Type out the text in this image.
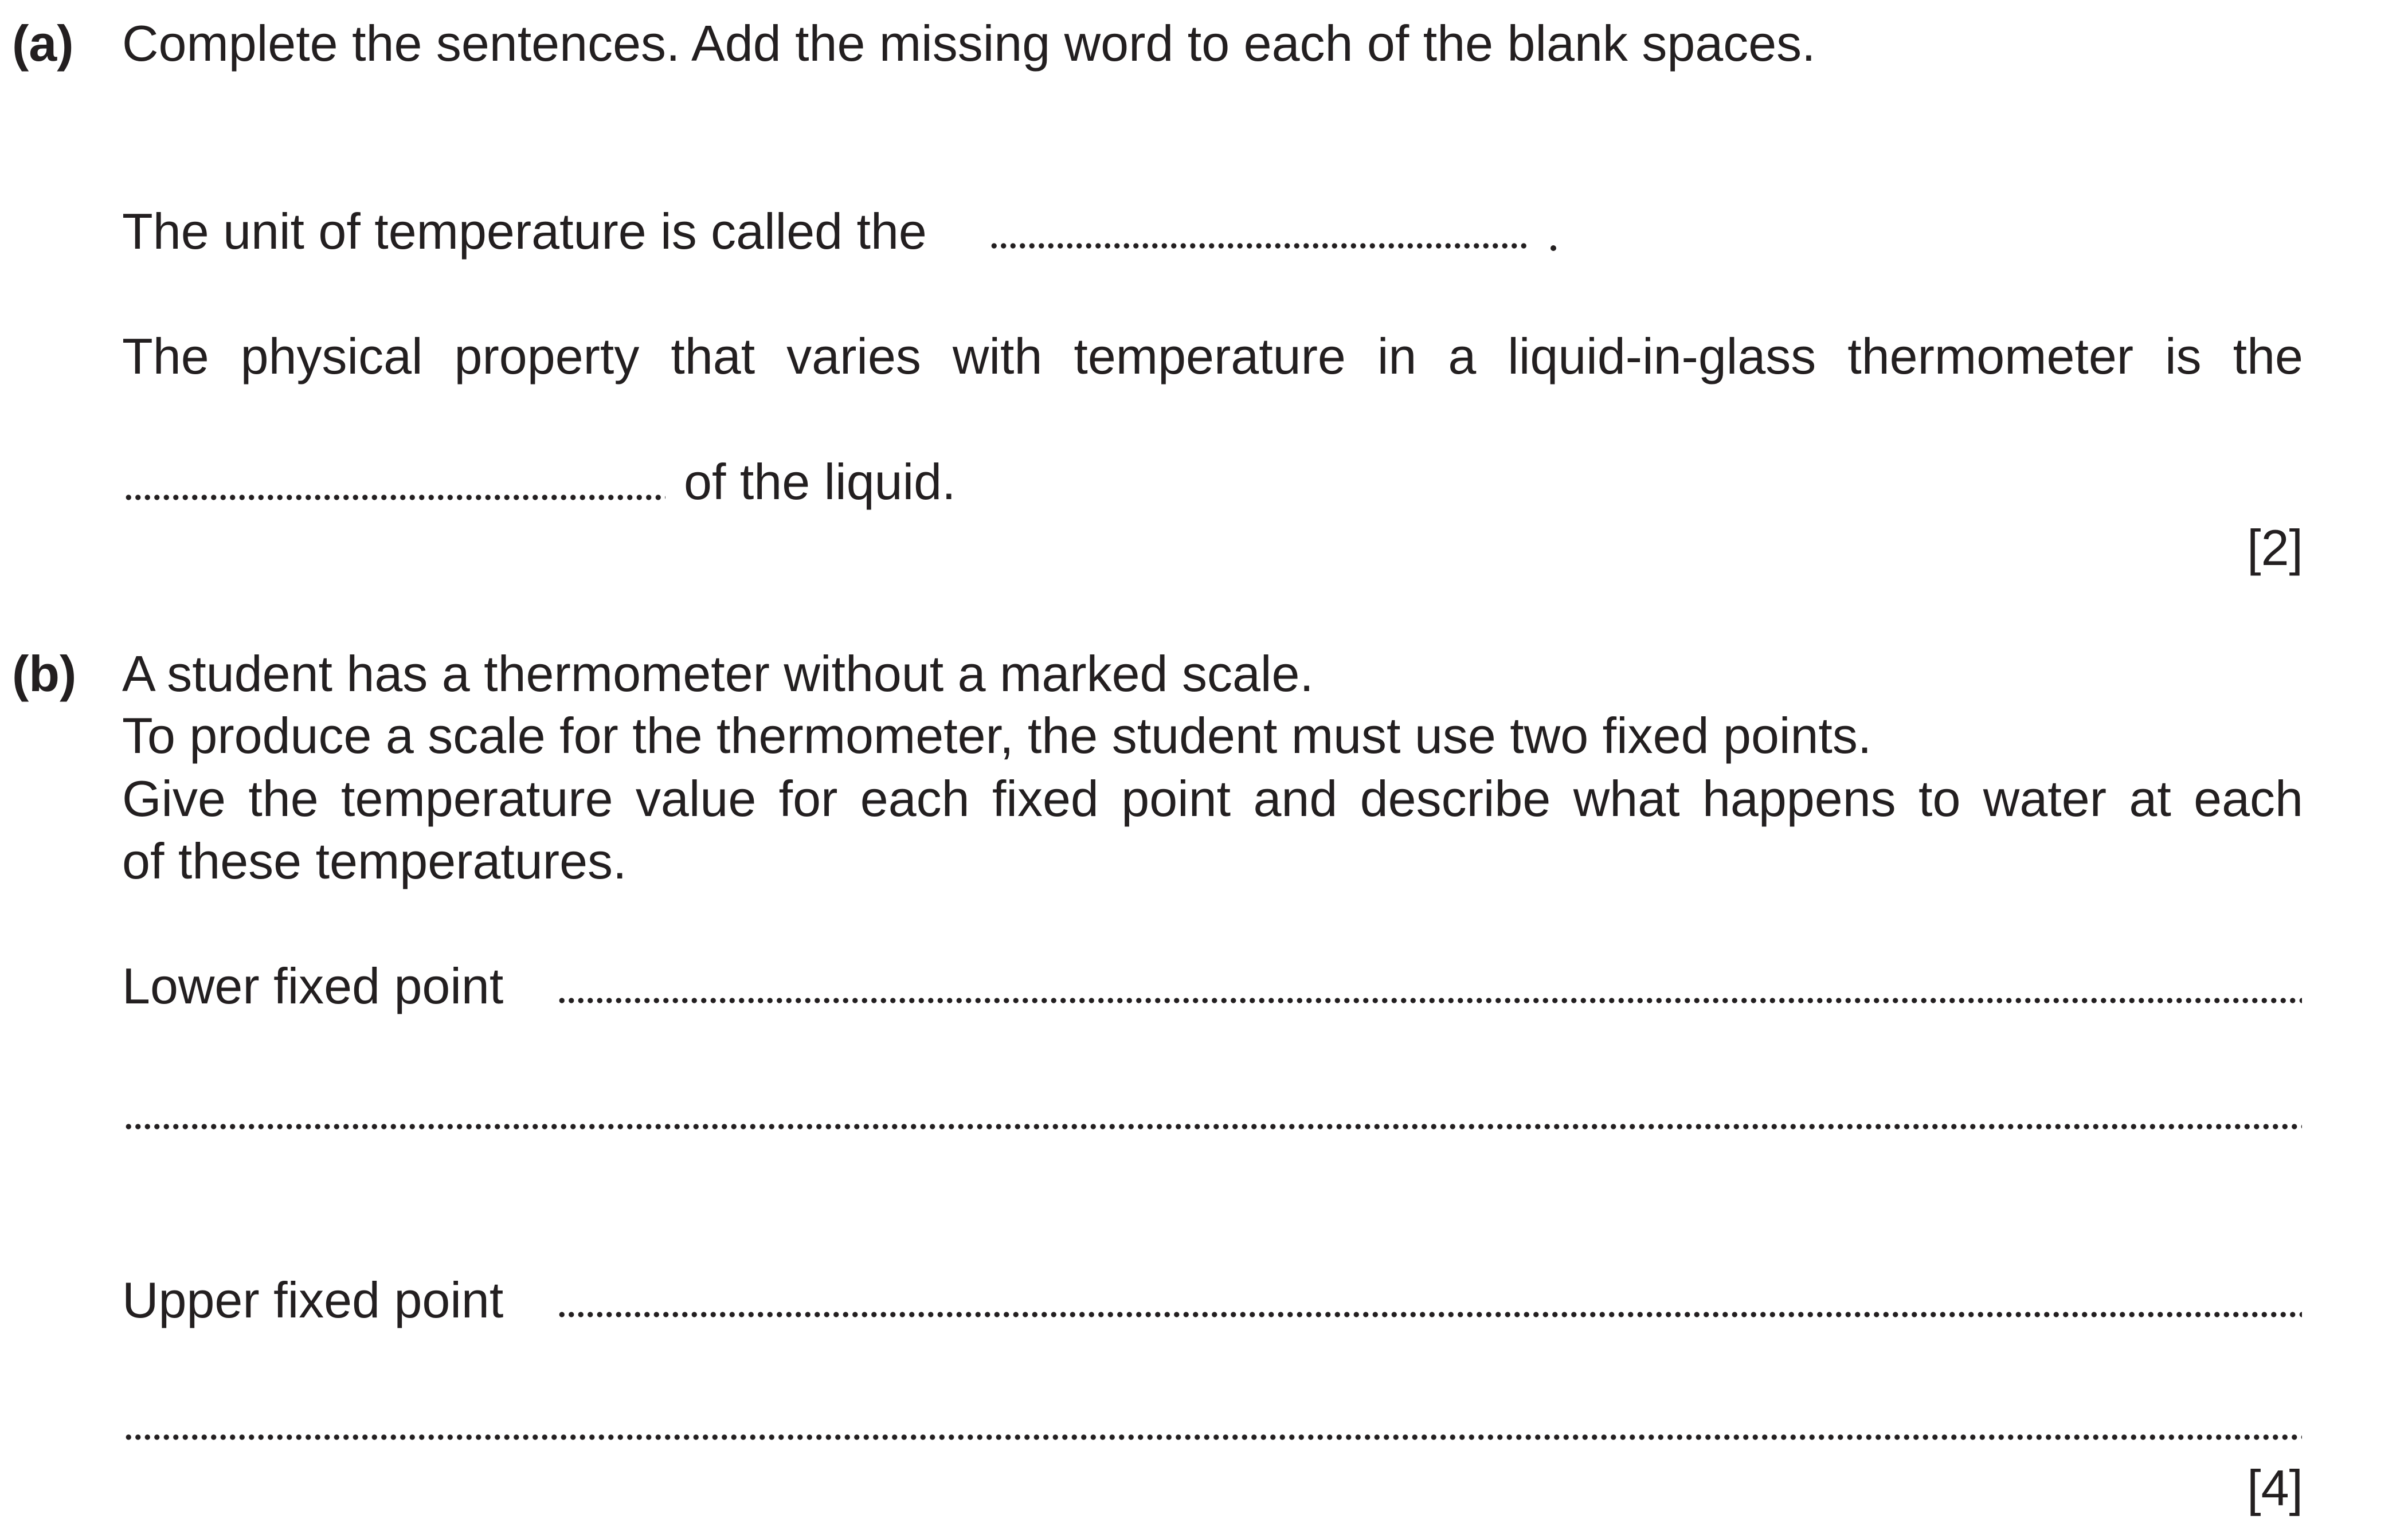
(a) Complete the sentences. Add the missing word to each of the blank spaces.
The unit of temperature is called the
The physical property that varies with temperature in a liquid-in-glass thermometer is the
of the liquid.
[2]
(b) A student has a thermometer without a marked scale.
To produce a scale for the thermometer, the student must use two fixed points.
Give the temperature value for each fixed point and describe what happens to water at each
of these temperatures.
Lower fixed point
Upper fixed point
[4]
